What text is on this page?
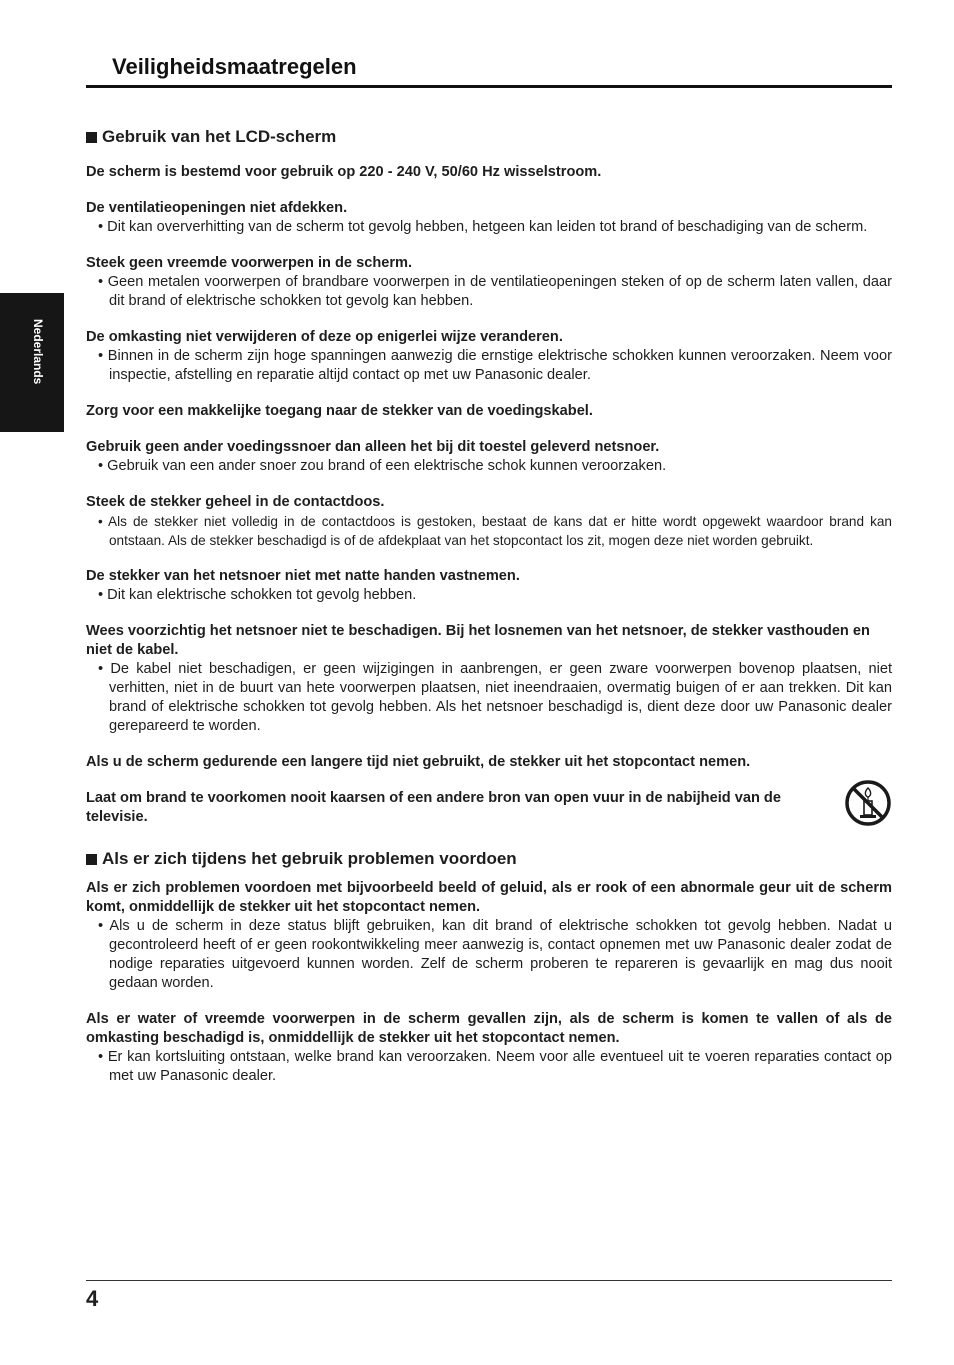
Veiligheidsmaatregelen
Nederlands
Gebruik van het LCD-scherm
De scherm is bestemd voor gebruik op 220 - 240 V, 50/60 Hz wisselstroom.
De ventilatieopeningen niet afdekken.
• Dit kan oververhitting van de scherm tot gevolg hebben, hetgeen kan leiden tot brand of beschadiging van de scherm.
Steek geen vreemde voorwerpen in de scherm.
• Geen metalen voorwerpen of brandbare voorwerpen in de ventilatieopeningen steken of op de scherm laten vallen, daar dit brand of elektrische schokken tot gevolg kan hebben.
De omkasting niet verwijderen of deze op enigerlei wijze veranderen.
• Binnen in de scherm zijn hoge spanningen aanwezig die ernstige elektrische schokken kunnen veroorzaken. Neem voor inspectie, afstelling en reparatie altijd contact op met uw Panasonic dealer.
Zorg voor een makkelijke toegang naar de stekker van de voedingskabel.
Gebruik geen ander voedingssnoer dan alleen het bij dit toestel geleverd netsnoer.
• Gebruik van een ander snoer zou brand of een elektrische schok kunnen veroorzaken.
Steek de stekker geheel in de contactdoos.
• Als de stekker niet volledig in de contactdoos is gestoken, bestaat de kans dat er hitte wordt opgewekt waardoor brand kan ontstaan. Als de stekker beschadigd is of de afdekplaat van het stopcontact los zit, mogen deze niet worden gebruikt.
De stekker van het netsnoer niet met natte handen vastnemen.
• Dit kan elektrische schokken tot gevolg hebben.
Wees voorzichtig het netsnoer niet te beschadigen. Bij het losnemen van het netsnoer, de stekker vasthouden en niet de kabel.
• De kabel niet beschadigen, er geen wijzigingen in aanbrengen, er geen zware voorwerpen bovenop plaatsen, niet verhitten, niet in de buurt van hete voorwerpen plaatsen, niet ineendraaien, overmatig buigen of er aan trekken. Dit kan brand of elektrische schokken tot gevolg hebben. Als het netsnoer beschadigd is, dient deze door uw Panasonic dealer gerepareerd te worden.
Als u de scherm gedurende een langere tijd niet gebruikt, de stekker uit het stopcontact nemen.
Laat om brand te voorkomen nooit kaarsen of een andere bron van open vuur in de nabijheid van de televisie.
Als er zich tijdens het gebruik problemen voordoen
Als er zich problemen voordoen met bijvoorbeeld beeld of geluid, als er rook of een abnormale geur uit de scherm komt, onmiddellijk de stekker uit het stopcontact nemen.
• Als u de scherm in deze status blijft gebruiken, kan dit brand of elektrische schokken tot gevolg hebben. Nadat u gecontroleerd heeft of er geen rookontwikkeling meer aanwezig is, contact opnemen met uw Panasonic dealer zodat de nodige reparaties uitgevoerd kunnen worden. Zelf de scherm proberen te repareren is gevaarlijk en mag dus nooit gedaan worden.
Als er water of vreemde voorwerpen in de scherm gevallen zijn, als de scherm is komen te vallen of als de omkasting beschadigd is, onmiddellijk de stekker uit het stopcontact nemen.
• Er kan kortsluiting ontstaan, welke brand kan veroorzaken. Neem voor alle eventueel uit te voeren reparaties contact op met uw Panasonic dealer.
4
